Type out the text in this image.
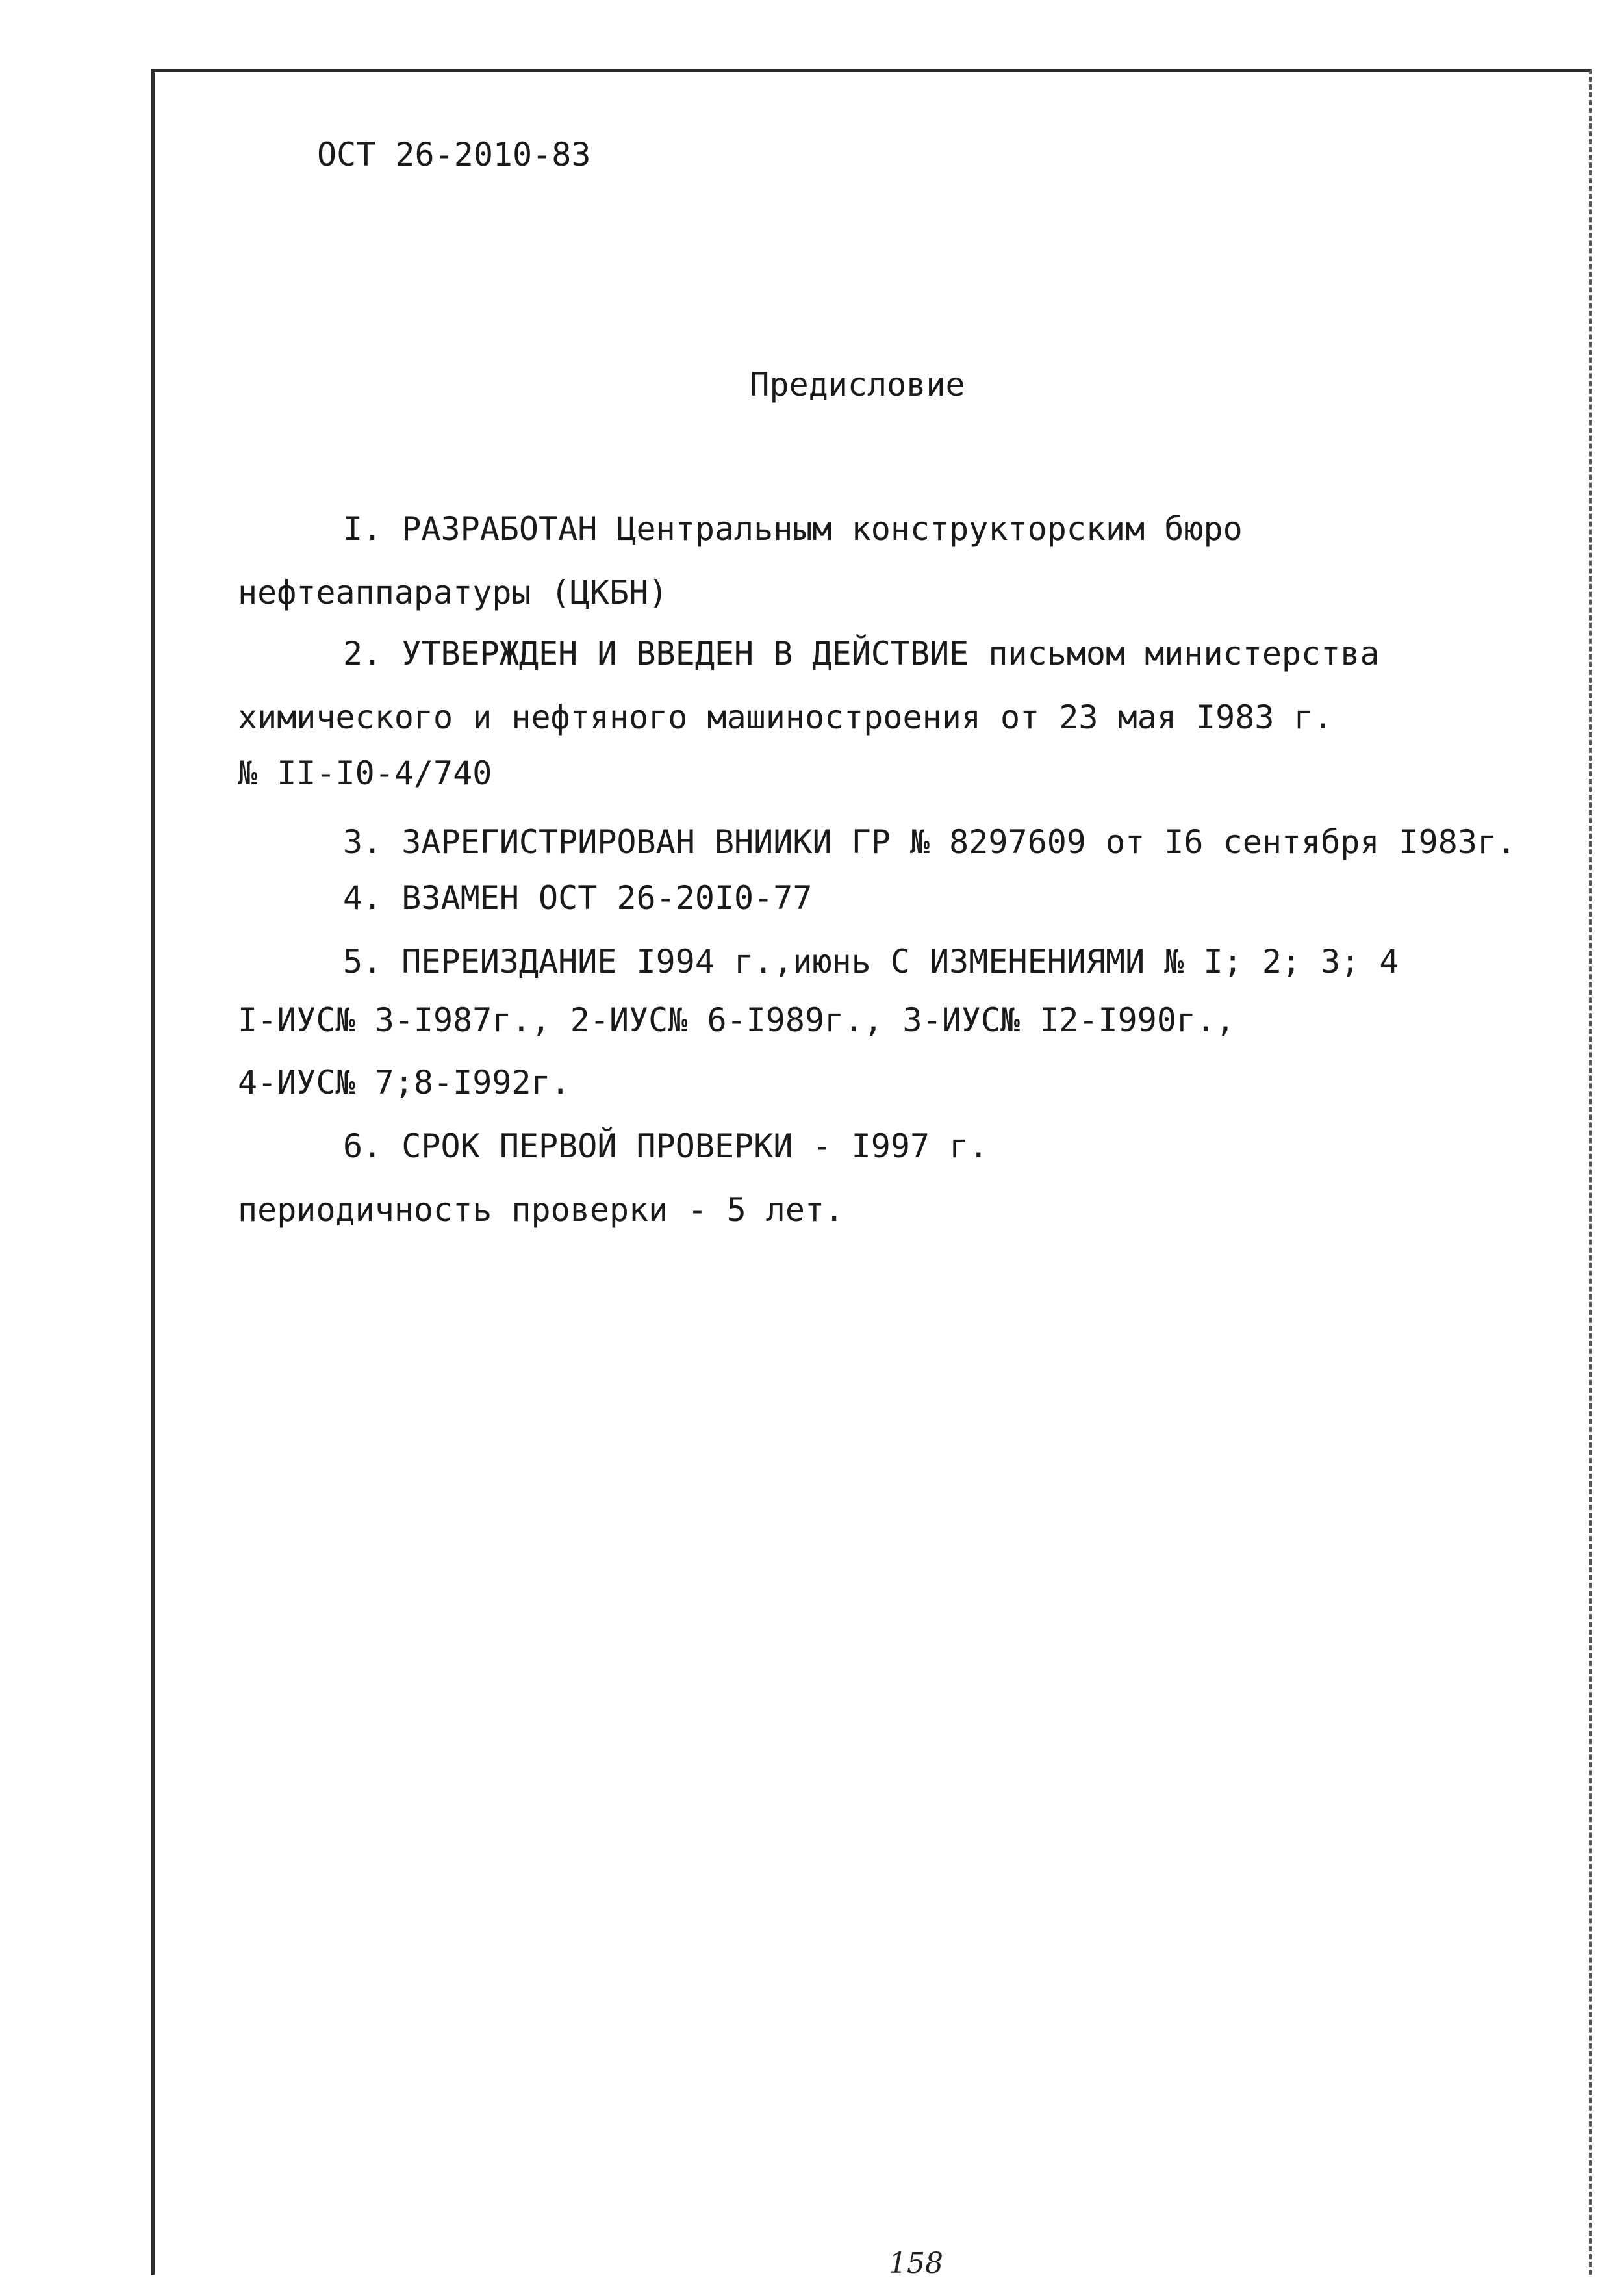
ОСТ 26-2010-83
Предисловие
I. РАЗРАБОТАН Центральным конструкторским бюро
нефтеаппаратуры (ЦКБН)
2. УТВЕРЖДЕН И ВВЕДЕН В ДЕЙСТВИЕ письмом министерства
химического и нефтяного машиностроения от 23 мая I983 г.
№ II-I0-4/740
3. ЗАРЕГИСТРИРОВАН ВНИИКИ ГР № 8297609 от I6 сентября I983г.
4. ВЗАМЕН ОСТ 26-20I0-77
5. ПЕРЕИЗДАНИЕ I994 г.,июнь С ИЗМЕНЕНИЯМИ № I; 2; 3; 4
I-ИУС№ 3-I987г., 2-ИУС№ 6-I989г., 3-ИУС№ I2-I990г.,
4-ИУС№ 7;8-I992г.
6. СРОК ПЕРВОЙ ПРОВЕРКИ - I997 г.
периодичность проверки - 5 лет.
158
